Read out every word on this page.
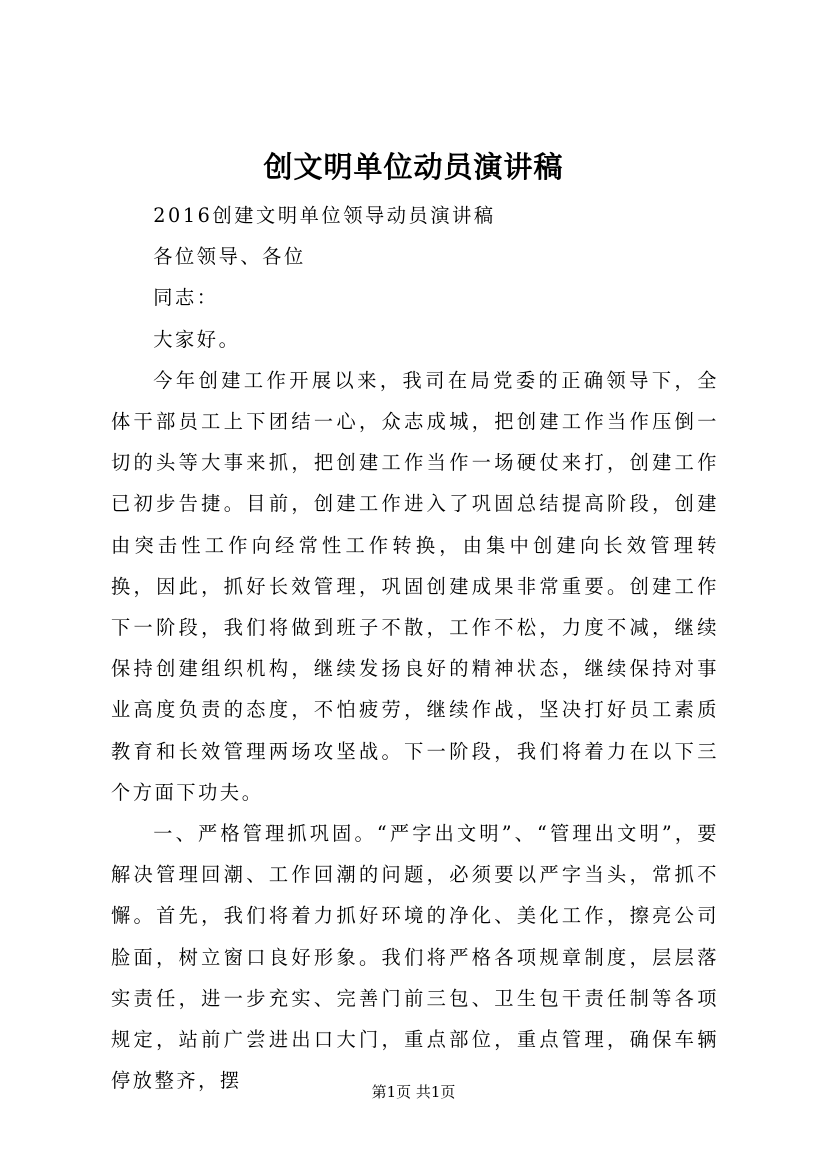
创文明单位动员演讲稿

2016创建文明单位领导动员演讲稿

各位领导、各位

同志：

大家好。

今年创建工作开展以来，我司在局党委的正确领导下，全体干部员工上下团结一心，众志成城，把创建工作当作压倒一切的头等大事来抓，把创建工作当作一场硬仗来打，创建工作已初步告捷。目前，创建工作进入了巩固总结提高阶段，创建由突击性工作向经常性工作转换，由集中创建向长效管理转换，因此，抓好长效管理，巩固创建成果非常重要。创建工作下一阶段，我们将做到班子不散，工作不松，力度不减，继续保持创建组织机构，继续发扬良好的精神状态，继续保持对事业高度负责的态度，不怕疲劳，继续作战，坚决打好员工素质教育和长效管理两场攻坚战。下一阶段，我们将着力在以下三个方面下功夫。

一、严格管理抓巩固。“严字出文明”、“管理出文明”，要解决管理回潮、工作回潮的问题，必须要以严字当头，常抓不懈。首先，我们将着力抓好环境的净化、美化工作，擦亮公司脸面，树立窗口良好形象。我们将严格各项规章制度，层层落实责任，进一步充实、完善门前三包、卫生包干责任制等各项规定，站前广尝进出口大门，重点部位，重点管理，确保车辆停放整齐，摆	第1页 共1页
